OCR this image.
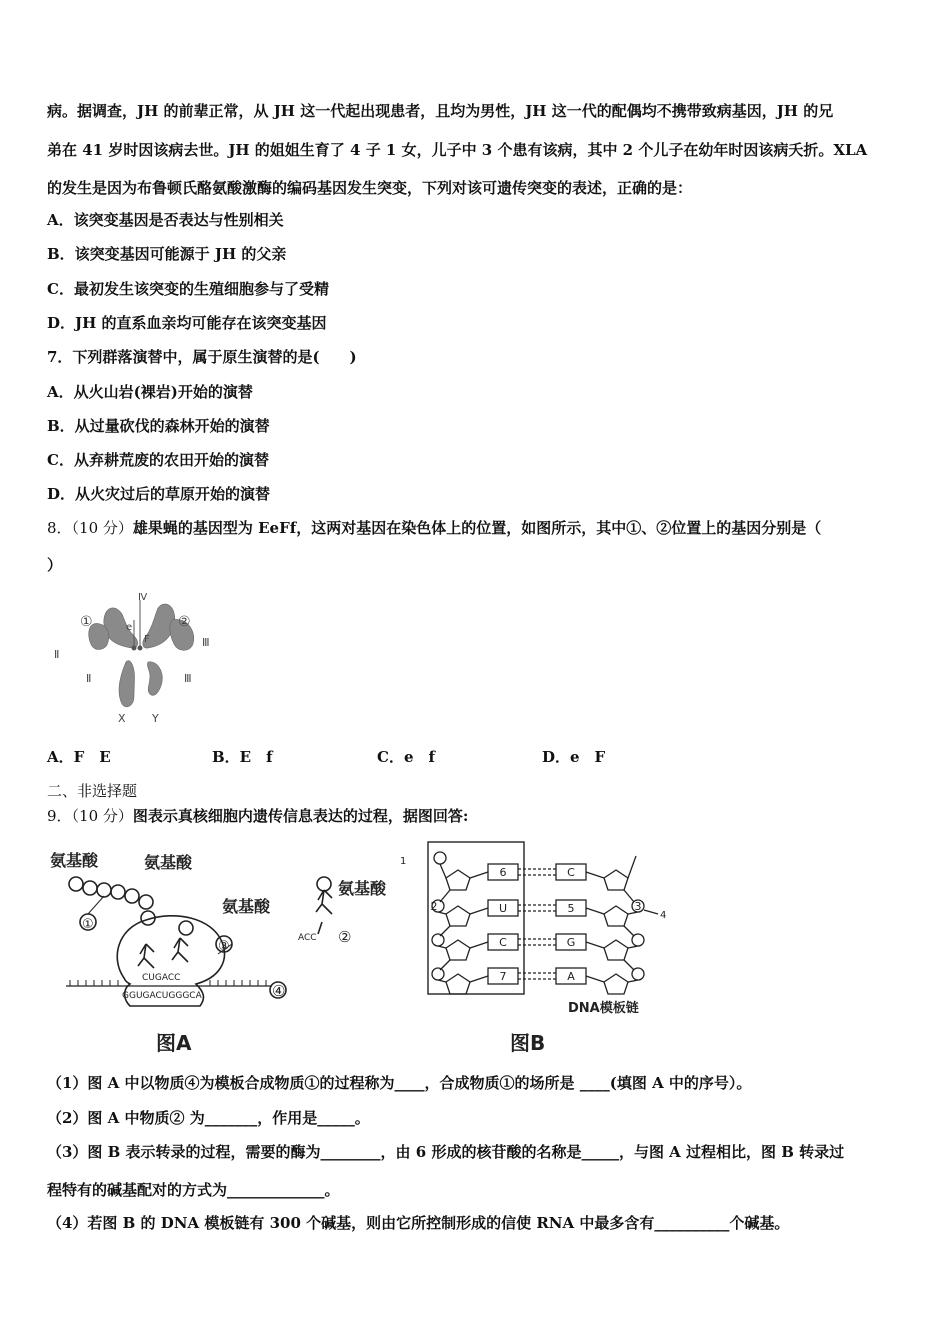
病。据调查，JH 的前辈正常，从 JH 这一代起出现患者，且均为男性，JH 这一代的配偶均不携带致病基因，JH 的兄
弟在 41 岁时因该病去世。JH 的姐姐生育了 4 子 1 女，儿子中 3 个患有该病，其中 2 个儿子在幼年时因该病夭折。XLA
的发生是因为布鲁顿氏酪氨酸激酶的编码基因发生突变，下列对该可遗传突变的表述，正确的是：
A．该突变基因是否表达与性别相关
B．该突变基因可能源于 JH 的父亲
C．最初发生该突变的生殖细胞参与了受精
D．JH 的直系血亲均可能存在该突变基因
7．下列群落演替中，属于原生演替的是(　　)
A．从火山岩(裸岩)开始的演替
B．从过量砍伐的森林开始的演替
C．从弃耕荒废的农田开始的演替
D．从火灾过后的草原开始的演替
8．（10 分）雄果蝇的基因型为 EeFf，这两对基因在染色体上的位置，如图所示，其中①、②位置上的基因分别是（
）
①	②
Ⅳ
e
F
Ⅱ
Ⅲ
Ⅱ	Ⅲ
X Y
A．F　E	B．E　f	C．e　f	D．e　F
二、非选择题
9．（10 分）图表示真核细胞内遗传信息表达的过程，据图回答:
氨基酸	氨基酸
氨基酸
氨基酸
CUGACC
GGUGACUGGGCA
ACC
①
②
③
④
图A
6
U
C
7
C
5
G
A
2	3
1
4
DNA模板链
图B
（1）图 A 中以物质④为模板合成物质①的过程称为____，合成物质①的场所是 ____(填图 A 中的序号）。
（2）图 A 中物质② 为_______，作用是_____。
（3）图 B 表示转录的过程，需要的酶为________，由 6 形成的核苷酸的名称是_____，与图 A 过程相比，图 B 转录过
程特有的碱基配对的方式为_____________。
（4）若图 B 的 DNA 模板链有 300 个碱基，则由它所控制形成的信使 RNA 中最多含有__________个碱基。
